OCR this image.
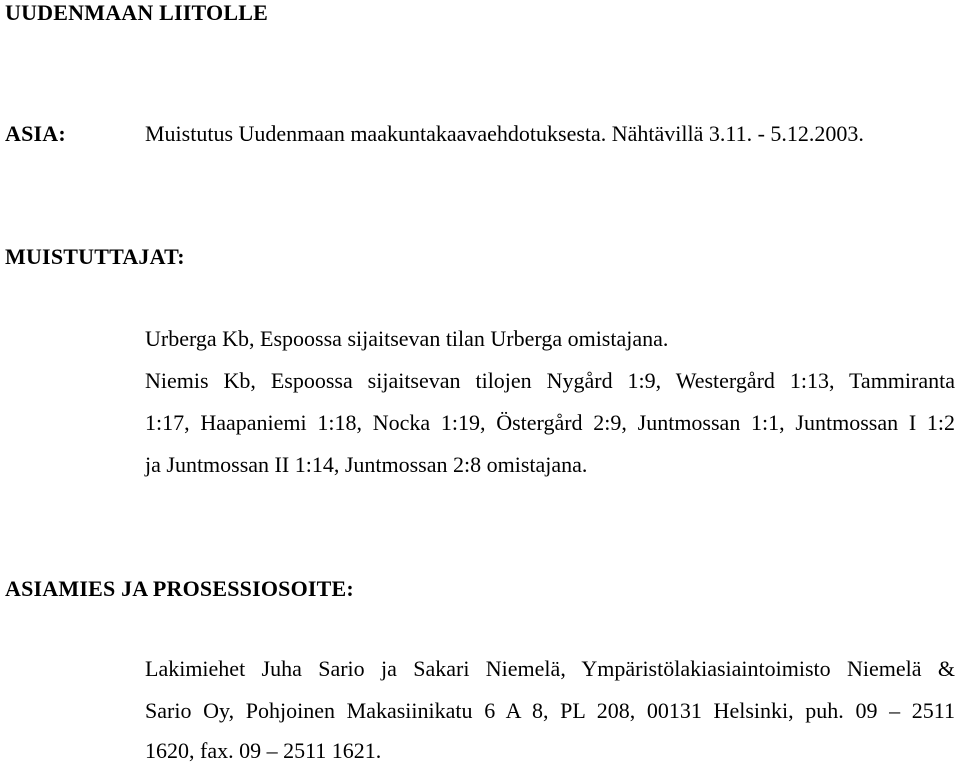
UUDENMAAN LIITOLLE
ASIA:	Muistutus Uudenmaan maakuntakaavaehdotuksesta. Nähtävillä 3.11. - 5.12.2003.
MUISTUTTAJAT:
Urberga Kb, Espoossa sijaitsevan tilan Urberga omistajana.
Niemis Kb, Espoossa sijaitsevan tilojen Nygård 1:9, Westergård 1:13, Tammiranta
1:17, Haapaniemi 1:18, Nocka 1:19, Östergård 2:9, Juntmossan 1:1, Juntmossan I 1:2
ja Juntmossan II 1:14, Juntmossan 2:8 omistajana.
ASIAMIES JA PROSESSIOSOITE:
Lakimiehet Juha Sario ja Sakari Niemelä, Ympäristölakiasiaintoimisto Niemelä &
Sario Oy, Pohjoinen Makasiinikatu 6 A 8, PL 208, 00131 Helsinki, puh. 09 – 2511
1620, fax. 09 – 2511 1621.
